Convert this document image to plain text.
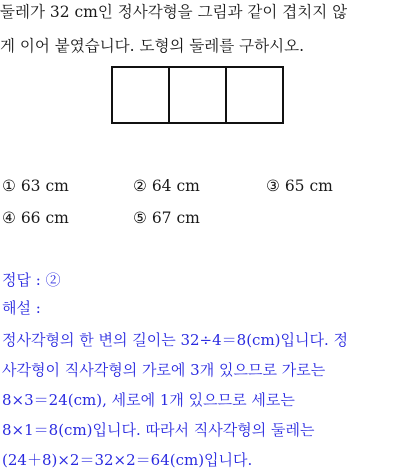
둘레가 32 cm인 정사각형을 그림과 같이 겹치지 않
게 이어 붙였습니다. 도형의 둘레를 구하시오.
① 63 cm	② 64 cm	③ 65 cm
④ 66 cm	⑤ 67 cm
정답 : ②
해설 :
정사각형의 한 변의 길이는 32÷4＝8(cm)입니다. 정
사각형이 직사각형의 가로에 3개 있으므로 가로는
8×3＝24(cm), 세로에 1개 있으므로 세로는
8×1＝8(cm)입니다. 따라서 직사각형의 둘레는
(24＋8)×2＝32×2＝64(cm)입니다.
